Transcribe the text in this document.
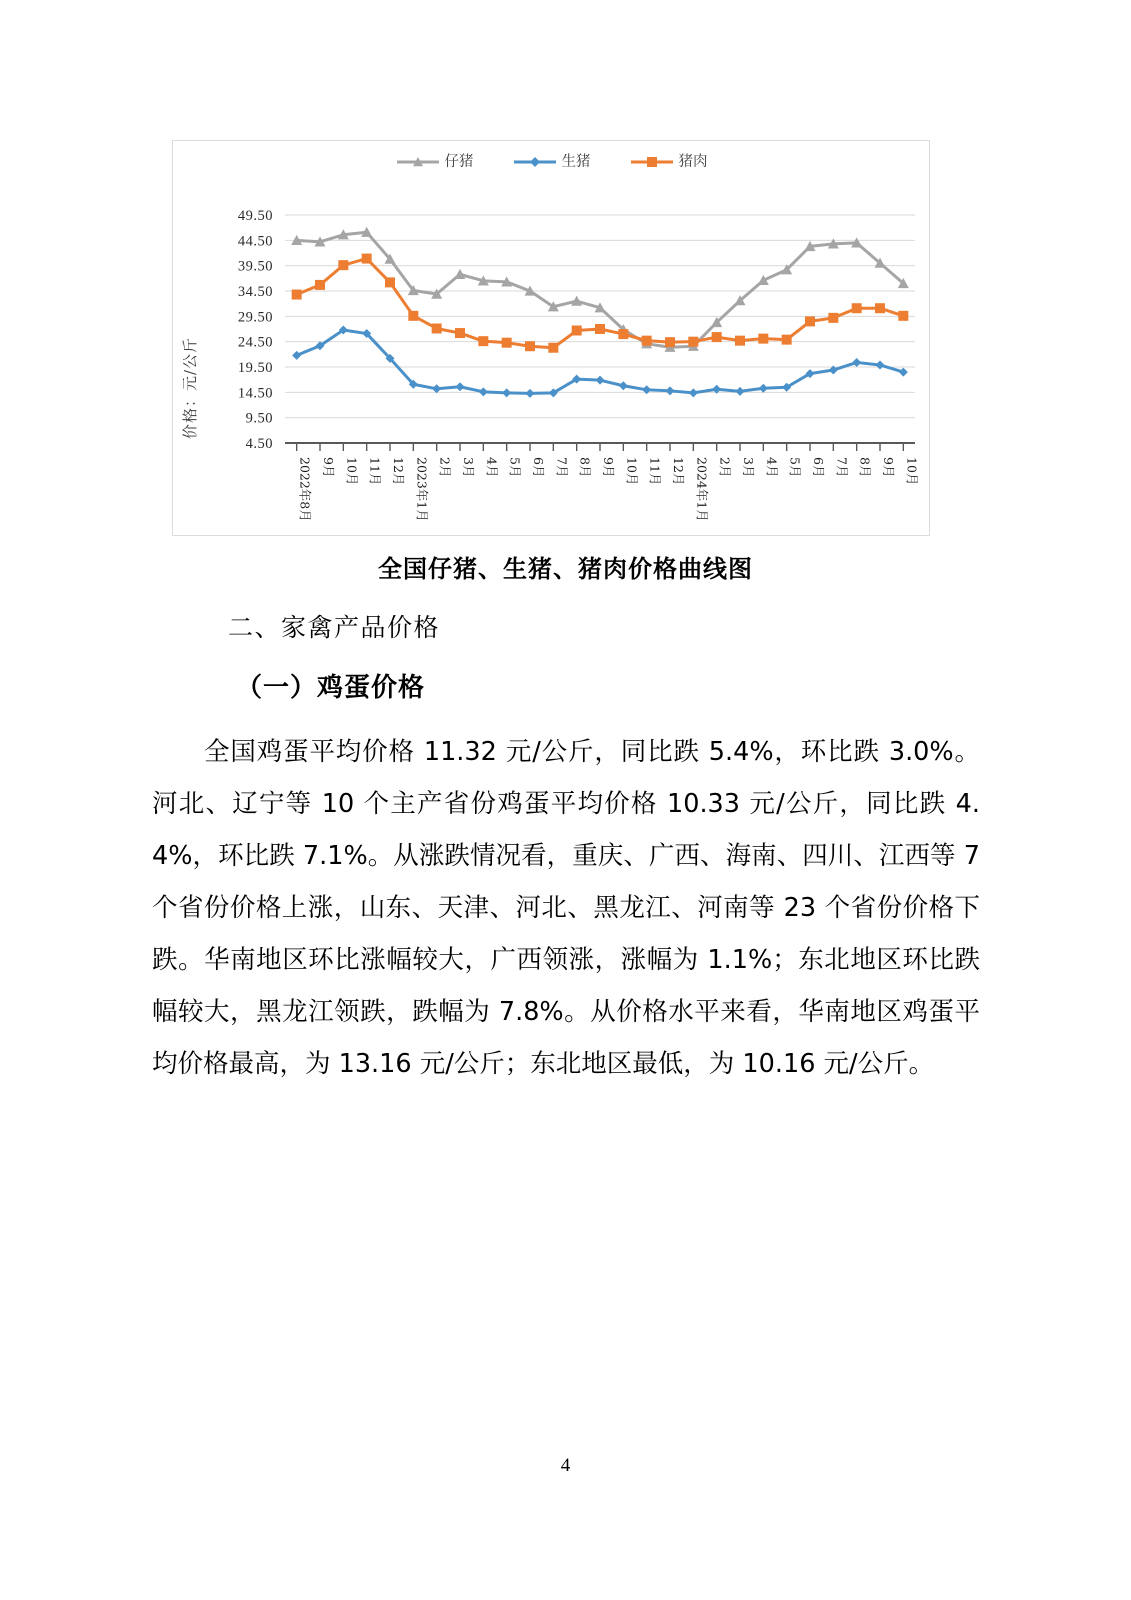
仔猪	生猪	猪肉
价格：元/公斤
4.50
9.50
14.50
19.50
24.50
29.50
34.50
39.50
44.50
49.50
2022年8月 9月 10月 11月 12月 2023年1月 2月 3月 4月 5月 6月 7月 8月 9月 10月 11月 12月 2024年1月 2月 3月 4月 5月 6月 7月 8月 9月 10月
全国仔猪、生猪、猪肉价格曲线图
二、家禽产品价格
（一）鸡蛋价格
全国鸡蛋平均价格 11.32 元/公斤，同比跌 5.4%，环比跌 3.0%。河北、辽宁等 10 个主产省份鸡蛋平均价格 10.33 元/公斤，同比跌 4.4%，环比跌 7.1%。从涨跌情况看，重庆、广西、海南、四川、江西等 7 个省份价格上涨，山东、天津、河北、黑龙江、河南等 23 个省份价格下跌。华南地区环比涨幅较大，广西领涨，涨幅为 1.1%；东北地区环比跌幅较大，黑龙江领跌，跌幅为 7.8%。从价格水平来看，华南地区鸡蛋平均价格最高，为 13.16 元/公斤；东北地区最低，为 10.16 元/公斤。
4
